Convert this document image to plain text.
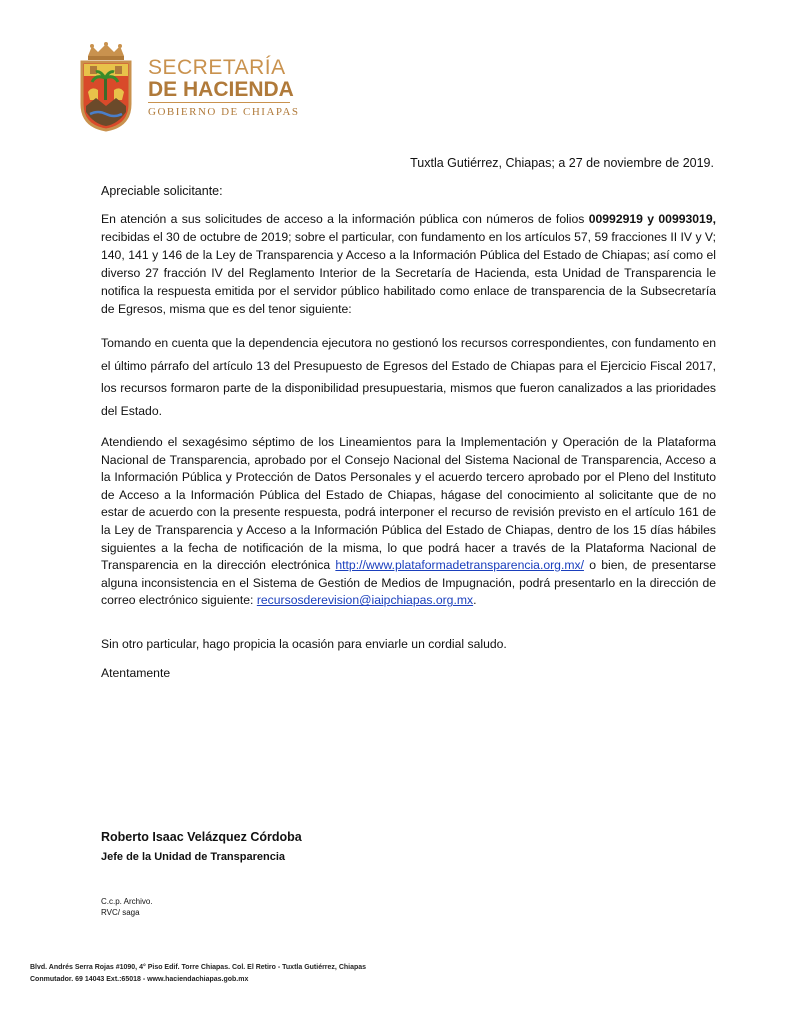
SECRETARÍA
DE HACIENDA
GOBIERNO DE CHIAPAS
Tuxtla Gutiérrez, Chiapas; a 27 de noviembre de 2019.
Apreciable solicitante:
En atención a sus solicitudes de acceso a la información pública con números de folios 00992919 y 00993019, recibidas el 30 de octubre de 2019; sobre el particular, con fundamento en los artículos 57, 59 fracciones II IV y V; 140, 141 y 146 de la Ley de Transparencia y Acceso a la Información Pública del Estado de Chiapas; así como el diverso 27 fracción IV del Reglamento Interior de la Secretaría de Hacienda, esta Unidad de Transparencia le notifica la respuesta emitida por el servidor público habilitado como enlace de transparencia de la Subsecretaría de Egresos, misma que es del tenor siguiente:
Tomando en cuenta que la dependencia ejecutora no gestionó los recursos correspondientes, con fundamento en el último párrafo del artículo 13 del Presupuesto de Egresos del Estado de Chiapas para el Ejercicio Fiscal 2017, los recursos formaron parte de la disponibilidad presupuestaria, mismos que fueron canalizados a las prioridades del Estado.
Atendiendo el sexagésimo séptimo de los Lineamientos para la Implementación y Operación de la Plataforma Nacional de Transparencia, aprobado por el Consejo Nacional del Sistema Nacional de Transparencia, Acceso a la Información Pública y Protección de Datos Personales y el acuerdo tercero aprobado por el Pleno del Instituto de Acceso a la Información Pública del Estado de Chiapas, hágase del conocimiento al solicitante que de no estar de acuerdo con la presente respuesta, podrá interponer el recurso de revisión previsto en el artículo 161 de la Ley de Transparencia y Acceso a la Información Pública del Estado de Chiapas, dentro de los 15 días hábiles siguientes a la fecha de notificación de la misma, lo que podrá hacer a través de la Plataforma Nacional de Transparencia en la dirección electrónica http://www.plataformadetransparencia.org.mx/ o bien, de presentarse alguna inconsistencia en el Sistema de Gestión de Medios de Impugnación, podrá presentarlo en la dirección de correo electrónico siguiente: recursosderevision@iaipchiapas.org.mx.
Sin otro particular, hago propicia la ocasión para enviarle un cordial saludo.
Atentamente
Roberto Isaac Velázquez Córdoba
Jefe de la Unidad de Transparencia
C.c.p. Archivo.
RVC/ saga
Blvd. Andrés Serra Rojas #1090, 4° Piso Edif. Torre Chiapas. Col. El Retiro - Tuxtla Gutiérrez, Chiapas
Conmutador. 69 14043 Ext.:65018 - www.haciendachiapas.gob.mx
